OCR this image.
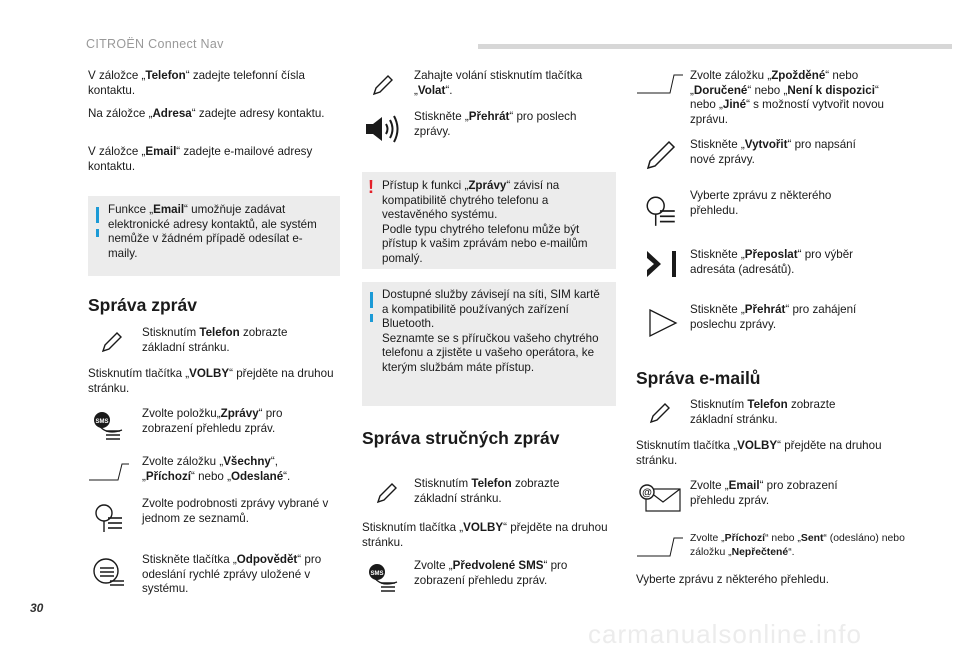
CITROËN Connect Nav
30
carmanualsonline.info
V záložce „Telefon“ zadejte telefonní čísla kontaktu.
Na záložce „Adresa“ zadejte adresy kontaktu.
V záložce „Email“ zadejte e-mailové adresy kontaktu.
Funkce „Email“ umožňuje zadávat elektronické adresy kontaktů, ale systém nemůže v žádném případě odesílat e-maily.
Správa zpráv
Stisknutím Telefon zobrazte základní stránku.
Stisknutím tlačítka „VOLBY“ přejděte na druhou stránku.
SMS
Zvolte položku„Zprávy“ pro zobrazení přehledu zpráv.
Zvolte záložku „Všechny“, „Příchozí“ nebo „Odeslané“.
Zvolte podrobnosti zprávy vybrané v jednom ze seznamů.
Stiskněte tlačítka „Odpovědět“ pro odeslání rychlé zprávy uložené v systému.
Zahajte volání stisknutím tlačítka „Volat“.
Stiskněte „Přehrát“ pro poslech zprávy.
! Přístup k funkci „Zprávy“ závisí na kompatibilitě chytrého telefonu a vestavěného systému.
Podle typu chytrého telefonu může být přístup k vašim zprávám nebo e-mailům pomalý.
Dostupné služby závisejí na síti, SIM kartě a kompatibilitě používaných zařízení Bluetooth.
Seznamte se s příručkou vašeho chytrého telefonu a zjistěte u vašeho operátora, ke kterým službám máte přístup.
Správa stručných zpráv
Stisknutím Telefon zobrazte základní stránku.
Stisknutím tlačítka „VOLBY“ přejděte na druhou stránku.
SMS
Zvolte „Předvolené SMS“ pro zobrazení přehledu zpráv.
Zvolte záložku „Zpožděné“ nebo „Doručené“ nebo „Není k dispozici“ nebo „Jiné“ s možností vytvořit novou zprávu.
Stiskněte „Vytvořit“ pro napsání nové zprávy.
Vyberte zprávu z některého přehledu.
Stiskněte „Přeposlat“ pro výběr adresáta (adresátů).
Stiskněte „Přehrát“ pro zahájení poslechu zprávy.
Správa e-mailů
Stisknutím Telefon zobrazte základní stránku.
Stisknutím tlačítka „VOLBY“ přejděte na druhou stránku.
@
Zvolte „Email“ pro zobrazení přehledu zpráv.
Zvolte „Příchozí“ nebo „Sent“ (odesláno) nebo záložku „Nepřečtené“.
Vyberte zprávu z některého přehledu.
